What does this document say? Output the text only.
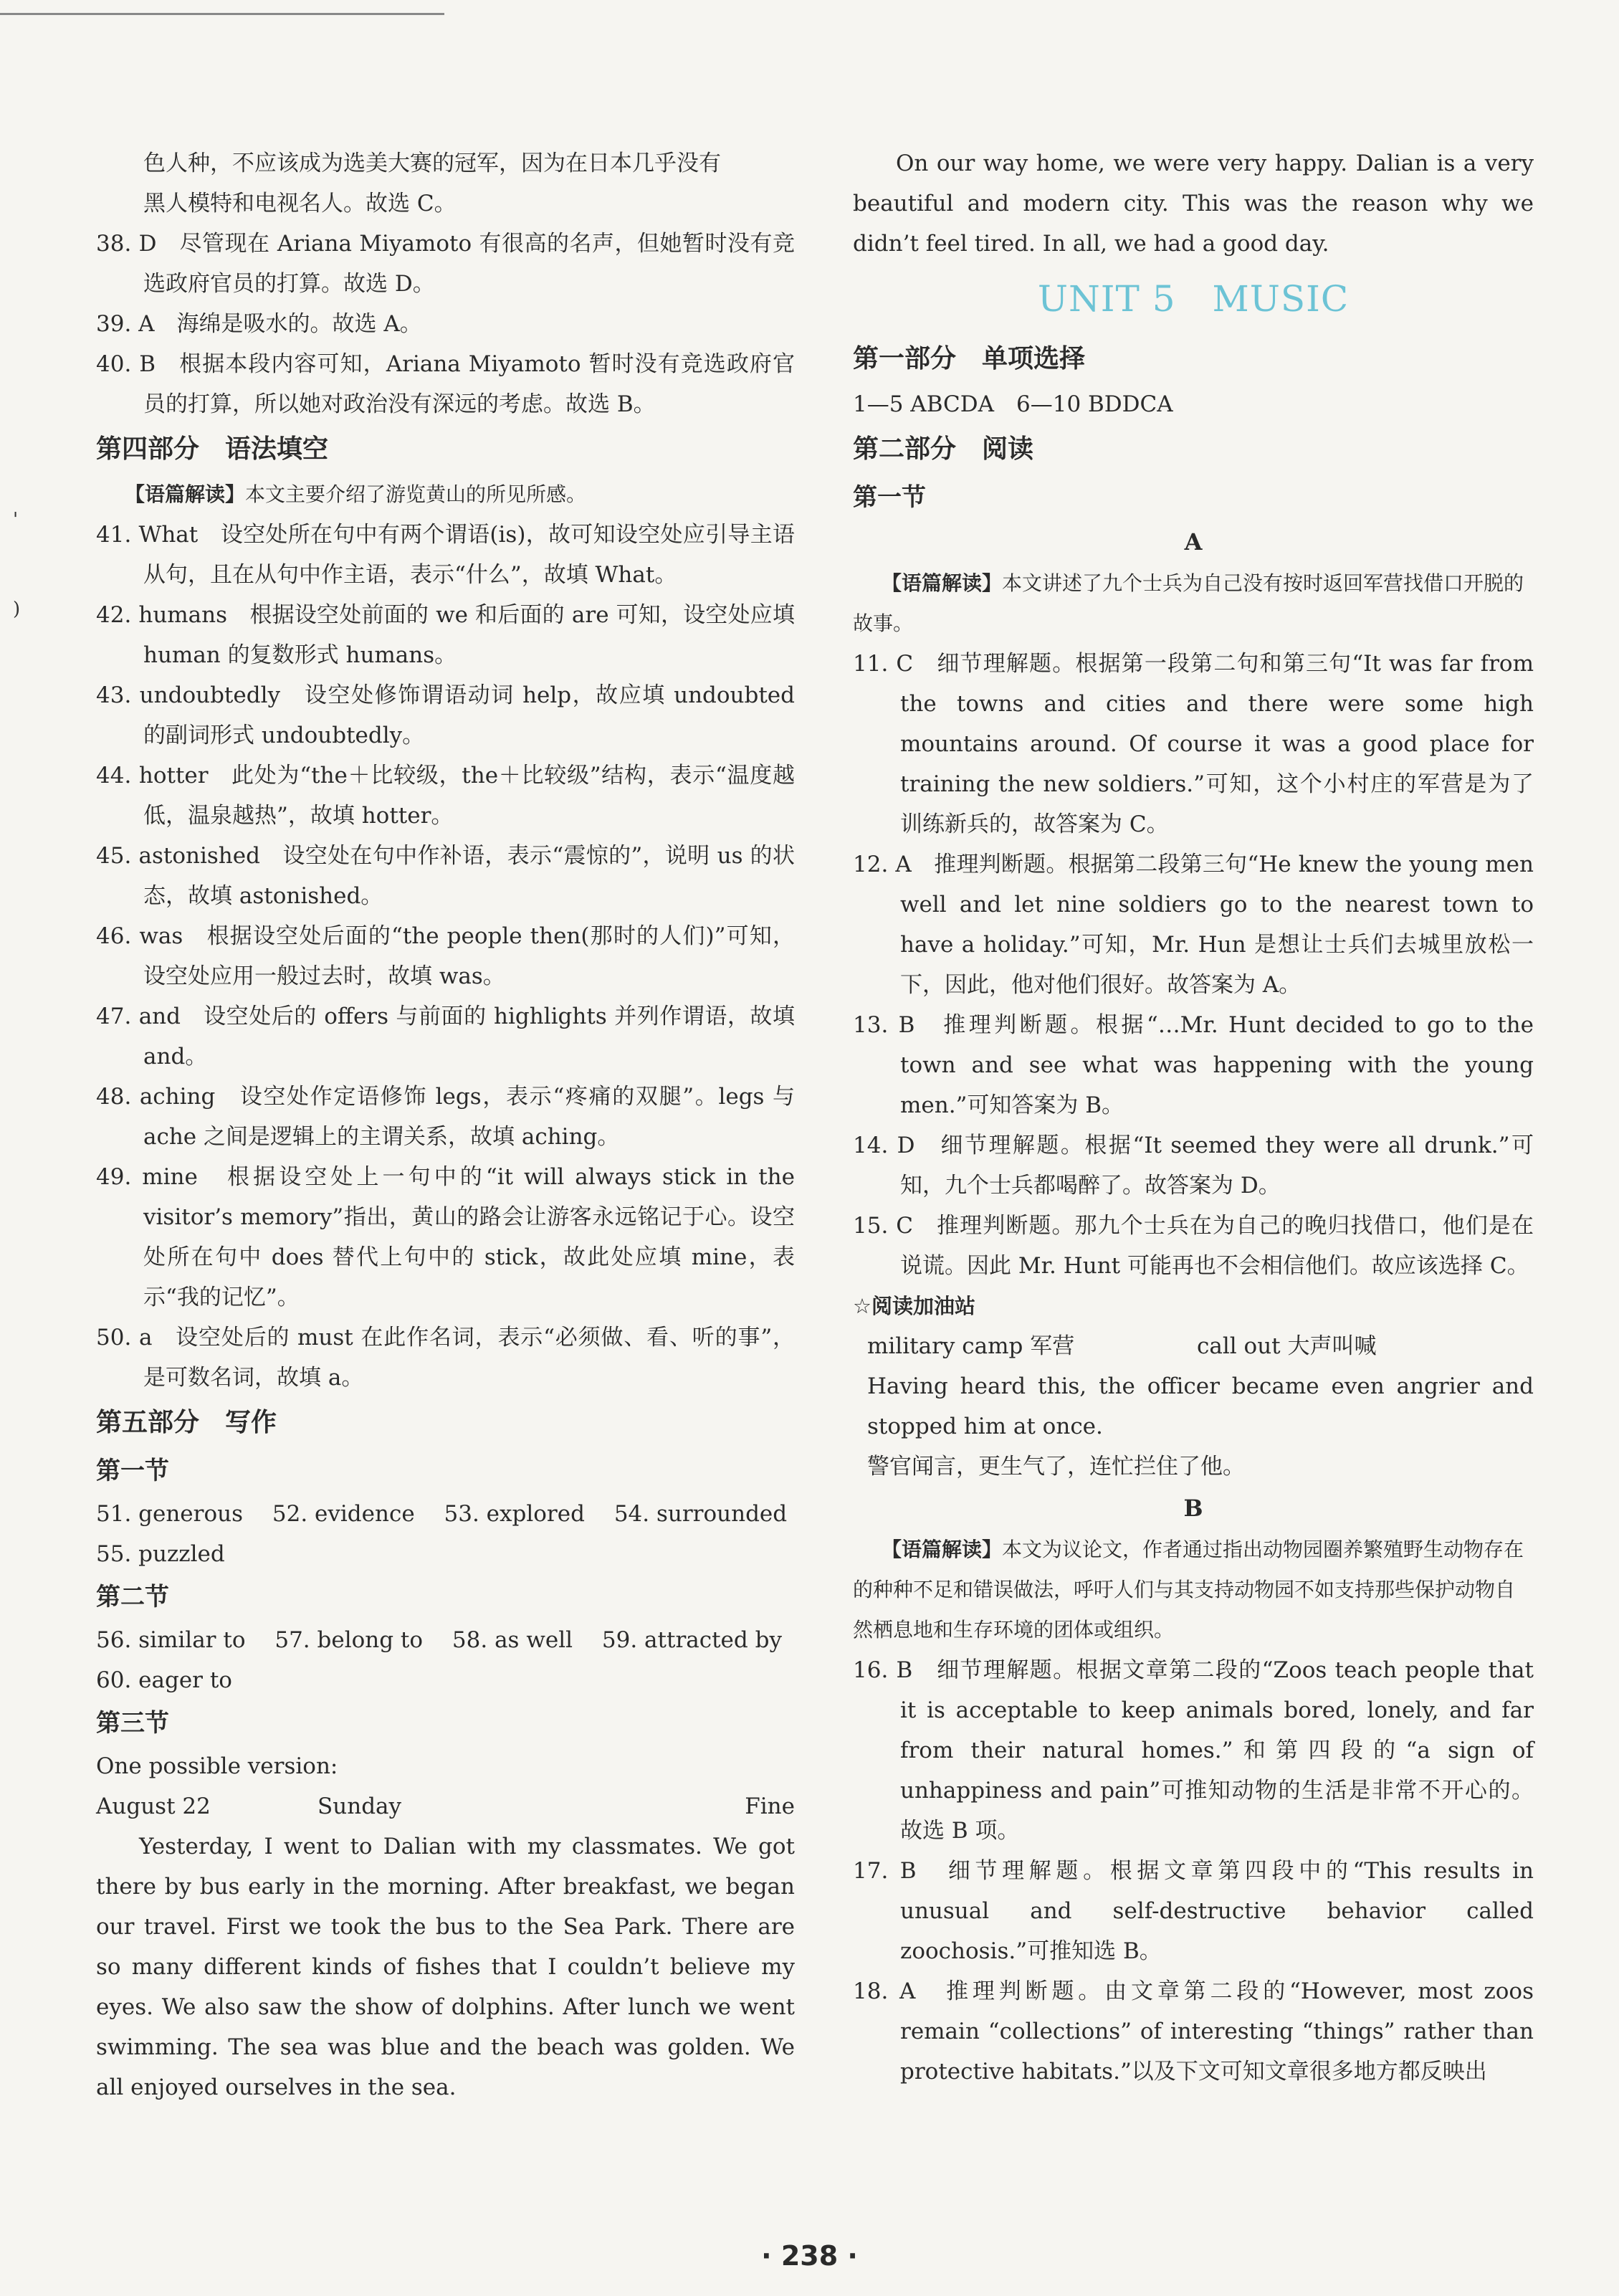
'
)

色人种，不应该成为选美大赛的冠军，因为在日本几乎没有

黑人模特和电视名人。故选 C。

38. D　尽管现在 Ariana Miyamoto 有很高的名声，但她暂时没有竞选政府官员的打算。故选 D。

39. A　海绵是吸水的。故选 A。

40. B　根据本段内容可知，Ariana Miyamoto 暂时没有竞选政府官员的打算，所以她对政治没有深远的考虑。故选 B。

第四部分　语法填空

【语篇解读】本文主要介绍了游览黄山的所见所感。

41. What　设空处所在句中有两个谓语(is)，故可知设空处应引导主语从句，且在从句中作主语，表示“什么”，故填 What。

42. humans　根据设空处前面的 we 和后面的 are 可知，设空处应填 human 的复数形式 humans。

43. undoubtedly　设空处修饰谓语动词 help，故应填 undoubted 的副词形式 undoubtedly。

44. hotter　此处为“the＋比较级，the＋比较级”结构，表示“温度越低，温泉越热”，故填 hotter。

45. astonished　设空处在句中作补语，表示“震惊的”，说明 us 的状态，故填 astonished。

46. was　根据设空处后面的“the people then(那时的人们)”可知，设空处应用一般过去时，故填 was。

47. and　设空处后的 offers 与前面的 highlights 并列作谓语，故填 and。

48. aching　设空处作定语修饰 legs，表示“疼痛的双腿”。legs 与 ache 之间是逻辑上的主谓关系，故填 aching。

49. mine　根据设空处上一句中的“it will always stick in the visitor’s memory”指出，黄山的路会让游客永远铭记于心。设空处所在句中 does 替代上句中的 stick，故此处应填 mine，表示“我的记忆”。

50. a　设空处后的 must 在此作名词，表示“必须做、看、听的事”，是可数名词，故填 a。

第五部分　写作

第一节

51. generous　 52. evidence　 53. explored　 54. surrounded
55. puzzled

第二节

56. similar to　 57. belong to　 58. as well　 59. attracted by
60. eager to

第三节

One possible version:

August 22	Sunday	Fine

Yesterday, I went to Dalian with my classmates. We got there by bus early in the morning. After breakfast, we began our travel. First we took the bus to the Sea Park. There are so many different kinds of fishes that I couldn’t believe my eyes. We also saw the show of dolphins. After lunch we went swimming. The sea was blue and the beach was golden. We all enjoyed ourselves in the sea.

On our way home, we were very happy. Dalian is a very beautiful and modern city. This was the reason why we didn’t feel tired. In all, we had a good day.

UNIT 5　MUSIC

第一部分　单项选择

1—5 ABCDA　6—10 BDDCA

第二部分　阅读

第一节

A

【语篇解读】本文讲述了九个士兵为自己没有按时返回军营找借口开脱的故事。

11. C　细节理解题。根据第一段第二句和第三句“It was far from the towns and cities and there were some high mountains around. Of course it was a good place for training the new soldiers.”可知，这个小村庄的军营是为了训练新兵的，故答案为 C。

12. A　推理判断题。根据第二段第三句“He knew the young men well and let nine soldiers go to the nearest town to have a holiday.”可知，Mr. Hun 是想让士兵们去城里放松一下，因此，他对他们很好。故答案为 A。

13. B　推理判断题。根据“…Mr. Hunt decided to go to the town and see what was happening with the young men.”可知答案为 B。

14. D　细节理解题。根据“It seemed they were all drunk.”可知，九个士兵都喝醉了。故答案为 D。

15. C　推理判断题。那九个士兵在为自己的晚归找借口，他们是在说谎。因此 Mr. Hunt 可能再也不会相信他们。故应该选择 C。

☆阅读加油站

military camp 军营	call out 大声叫喊

Having heard this, the officer became even angrier and stopped him at once.

警官闻言，更生气了，连忙拦住了他。

B

【语篇解读】本文为议论文，作者通过指出动物园圈养繁殖野生动物存在的种种不足和错误做法，呼吁人们与其支持动物园不如支持那些保护动物自然栖息地和生存环境的团体或组织。

16. B　细节理解题。根据文章第二段的“Zoos teach people that it is acceptable to keep animals bored, lonely, and far from their natural homes.”和第四段的“a sign of unhappiness and pain”可推知动物的生活是非常不开心的。故选 B 项。

17. B　细节理解题。根据文章第四段中的“This results in unusual and self-destructive behavior called zoochosis.”可推知选 B。

18. A　推理判断题。由文章第二段的“However, most zoos remain “collections” of interesting “things” rather than protective habitats.”以及下文可知文章很多地方都反映出

· 238 ·
